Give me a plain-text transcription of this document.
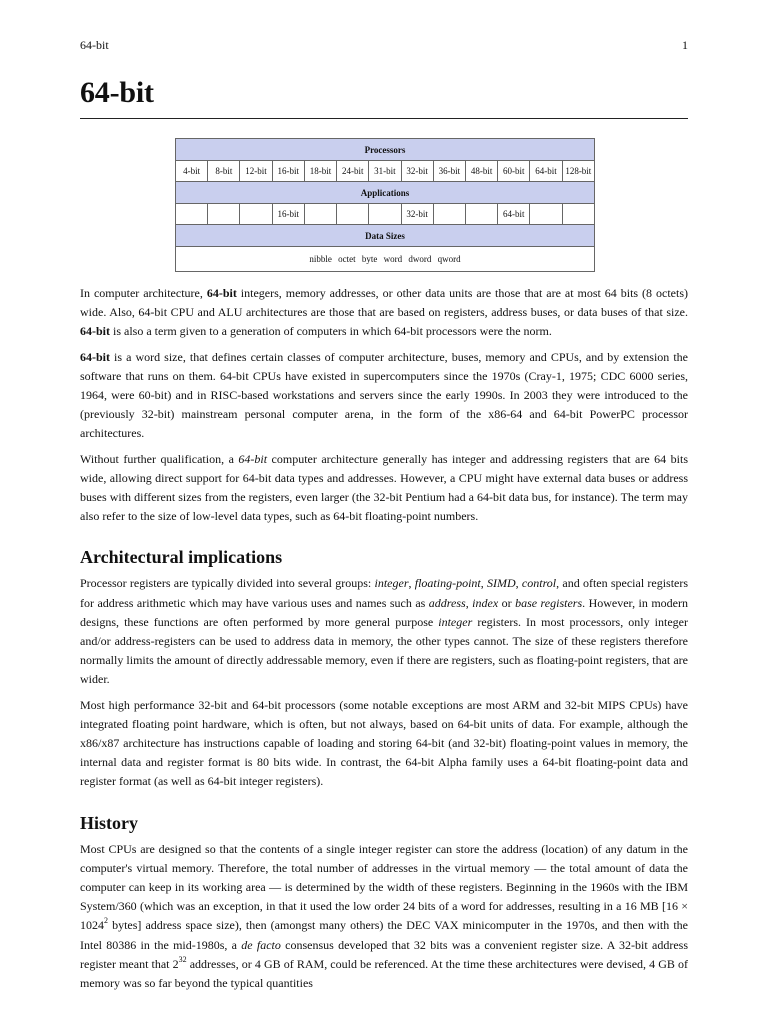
64-bit	1
64-bit
Processors												
4-bit	8-bit	12-bit	16-bit	18-bit	24-bit	31-bit	32-bit	36-bit	48-bit	60-bit	64-bit	128-bit
Applications												
			16-bit				32-bit			64-bit		
Data Sizes												
nibble octet byte word dword qword												

In computer architecture, 64-bit integers, memory addresses, or other data units are those that are at most 64 bits (8 octets) wide. Also, 64-bit CPU and ALU architectures are those that are based on registers, address buses, or data buses of that size. 64-bit is also a term given to a generation of computers in which 64-bit processors were the norm.

64-bit is a word size, that defines certain classes of computer architecture, buses, memory and CPUs, and by extension the software that runs on them. 64-bit CPUs have existed in supercomputers since the 1970s (Cray-1, 1975; CDC 6000 series, 1964, were 60-bit) and in RISC-based workstations and servers since the early 1990s. In 2003 they were introduced to the (previously 32-bit) mainstream personal computer arena, in the form of the x86-64 and 64-bit PowerPC processor architectures.

Without further qualification, a 64-bit computer architecture generally has integer and addressing registers that are 64 bits wide, allowing direct support for 64-bit data types and addresses. However, a CPU might have external data buses or address buses with different sizes from the registers, even larger (the 32-bit Pentium had a 64-bit data bus, for instance). The term may also refer to the size of low-level data types, such as 64-bit floating-point numbers.

Architectural implications

Processor registers are typically divided into several groups: integer, floating-point, SIMD, control, and often special registers for address arithmetic which may have various uses and names such as address, index or base registers. However, in modern designs, these functions are often performed by more general purpose integer registers. In most processors, only integer and/or address-registers can be used to address data in memory, the other types cannot. The size of these registers therefore normally limits the amount of directly addressable memory, even if there are registers, such as floating-point registers, that are wider.

Most high performance 32-bit and 64-bit processors (some notable exceptions are most ARM and 32-bit MIPS CPUs) have integrated floating point hardware, which is often, but not always, based on 64-bit units of data. For example, although the x86/x87 architecture has instructions capable of loading and storing 64-bit (and 32-bit) floating-point values in memory, the internal data and register format is 80 bits wide. In contrast, the 64-bit Alpha family uses a 64-bit floating-point data and register format (as well as 64-bit integer registers).

History

Most CPUs are designed so that the contents of a single integer register can store the address (location) of any datum in the computer's virtual memory. Therefore, the total number of addresses in the virtual memory — the total amount of data the computer can keep in its working area — is determined by the width of these registers. Beginning in the 1960s with the IBM System/360 (which was an exception, in that it used the low order 24 bits of a word for addresses, resulting in a 16 MB [$16 \times 1024^2$ bytes] address space size), then (amongst many others) the DEC VAX minicomputer in the 1970s, and then with the Intel 80386 in the mid-1980s, a de facto consensus developed that 32 bits was a convenient register size. A 32-bit address register meant that $2^{32}$ addresses, or 4 GB of RAM, could be referenced. At the time these architectures were devised, 4 GB of memory was so far beyond the typical quantities
